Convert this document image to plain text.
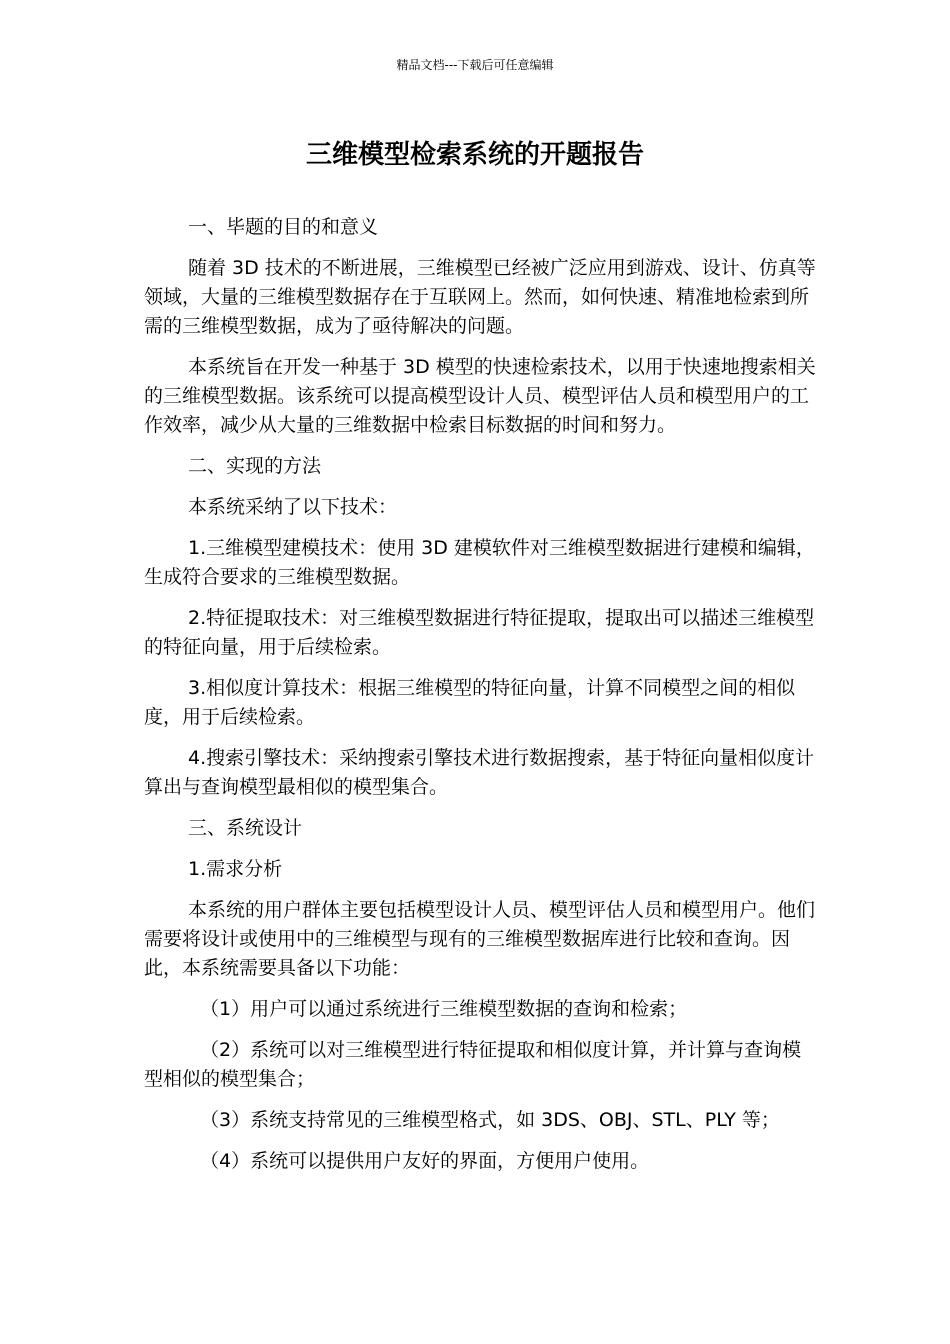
精品文档---下载后可任意编辑
三维模型检索系统的开题报告

一、毕题的目的和意义

随着 3D 技术的不断进展，三维模型已经被广泛应用到游戏、设计、仿真等领域，大量的三维模型数据存在于互联网上。然而，如何快速、精准地检索到所需的三维模型数据，成为了亟待解决的问题。

本系统旨在开发一种基于 3D 模型的快速检索技术，以用于快速地搜索相关的三维模型数据。该系统可以提高模型设计人员、模型评估人员和模型用户的工作效率，减少从大量的三维数据中检索目标数据的时间和努力。

二、实现的方法

本系统采纳了以下技术：

1.三维模型建模技术：使用 3D 建模软件对三维模型数据进行建模和编辑，生成符合要求的三维模型数据。

2.特征提取技术：对三维模型数据进行特征提取，提取出可以描述三维模型的特征向量，用于后续检索。

3.相似度计算技术：根据三维模型的特征向量，计算不同模型之间的相似度，用于后续检索。

4.搜索引擎技术：采纳搜索引擎技术进行数据搜索，基于特征向量相似度计算出与查询模型最相似的模型集合。

三、系统设计

1.需求分析

本系统的用户群体主要包括模型设计人员、模型评估人员和模型用户。他们需要将设计或使用中的三维模型与现有的三维模型数据库进行比较和查询。因此，本系统需要具备以下功能：

（1）用户可以通过系统进行三维模型数据的查询和检索；

（2）系统可以对三维模型进行特征提取和相似度计算，并计算与查询模型相似的模型集合；

（3）系统支持常见的三维模型格式，如 3DS、OBJ、STL、PLY 等；

（4）系统可以提供用户友好的界面，方便用户使用。
